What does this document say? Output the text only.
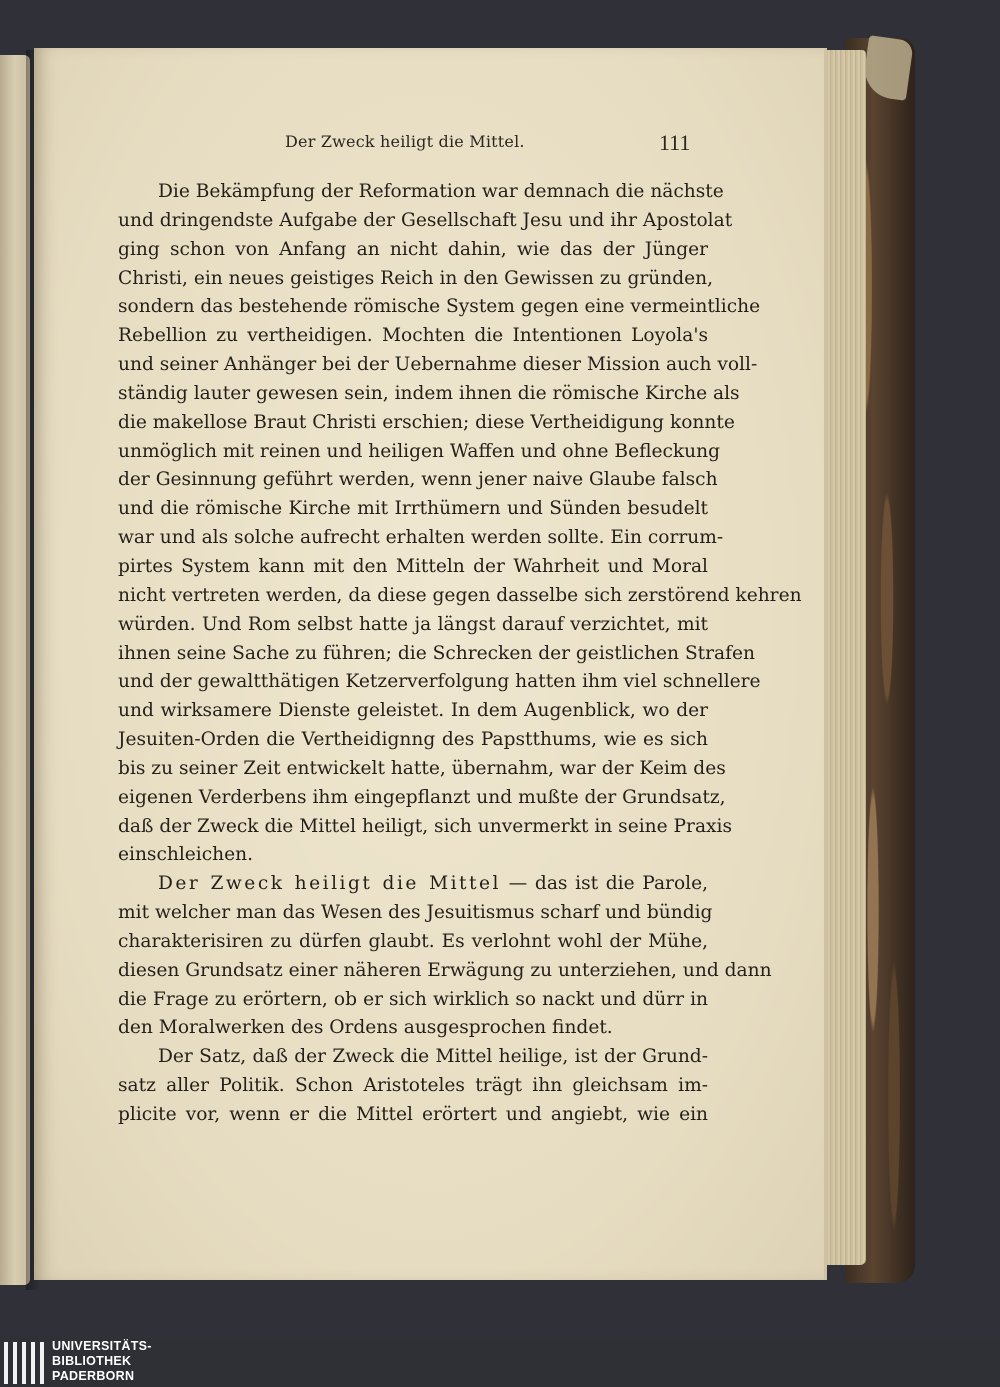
Der Zweck heiligt die Mittel.	111
Die Bekämpfung der Reformation war demnach die nächste
und dringendste Aufgabe der Gesellschaft Jesu und ihr Apostolat
ging schon von Anfang an nicht dahin, wie das der Jünger
Christi, ein neues geistiges Reich in den Gewissen zu gründen,
sondern das bestehende römische System gegen eine vermeintliche
Rebellion zu vertheidigen. Mochten die Intentionen Loyola's
und seiner Anhänger bei der Uebernahme dieser Mission auch voll-
ständig lauter gewesen sein, indem ihnen die römische Kirche als
die makellose Braut Christi erschien; diese Vertheidigung konnte
unmöglich mit reinen und heiligen Waffen und ohne Befleckung
der Gesinnung geführt werden, wenn jener naive Glaube falsch
und die römische Kirche mit Irrthümern und Sünden besudelt
war und als solche aufrecht erhalten werden sollte. Ein corrum-
pirtes System kann mit den Mitteln der Wahrheit und Moral
nicht vertreten werden, da diese gegen dasselbe sich zerstörend kehren
würden. Und Rom selbst hatte ja längst darauf verzichtet, mit
ihnen seine Sache zu führen; die Schrecken der geistlichen Strafen
und der gewaltthätigen Ketzerverfolgung hatten ihm viel schnellere
und wirksamere Dienste geleistet. In dem Augenblick, wo der
Jesuiten-Orden die Vertheidignng des Papstthums, wie es sich
bis zu seiner Zeit entwickelt hatte, übernahm, war der Keim des
eigenen Verderbens ihm eingepflanzt und mußte der Grundsatz,
daß der Zweck die Mittel heiligt, sich unvermerkt in seine Praxis
einschleichen.
Der Zweck heiligt die Mittel — das ist die Parole,
mit welcher man das Wesen des Jesuitismus scharf und bündig
charakterisiren zu dürfen glaubt. Es verlohnt wohl der Mühe,
diesen Grundsatz einer näheren Erwägung zu unterziehen, und dann
die Frage zu erörtern, ob er sich wirklich so nackt und dürr in
den Moralwerken des Ordens ausgesprochen findet.
Der Satz, daß der Zweck die Mittel heilige, ist der Grund-
satz aller Politik. Schon Aristoteles trägt ihn gleichsam im-
plicite vor, wenn er die Mittel erörtert und angiebt, wie ein
UNIVERSITÄTS-
BIBLIOTHEK
PADERBORN
